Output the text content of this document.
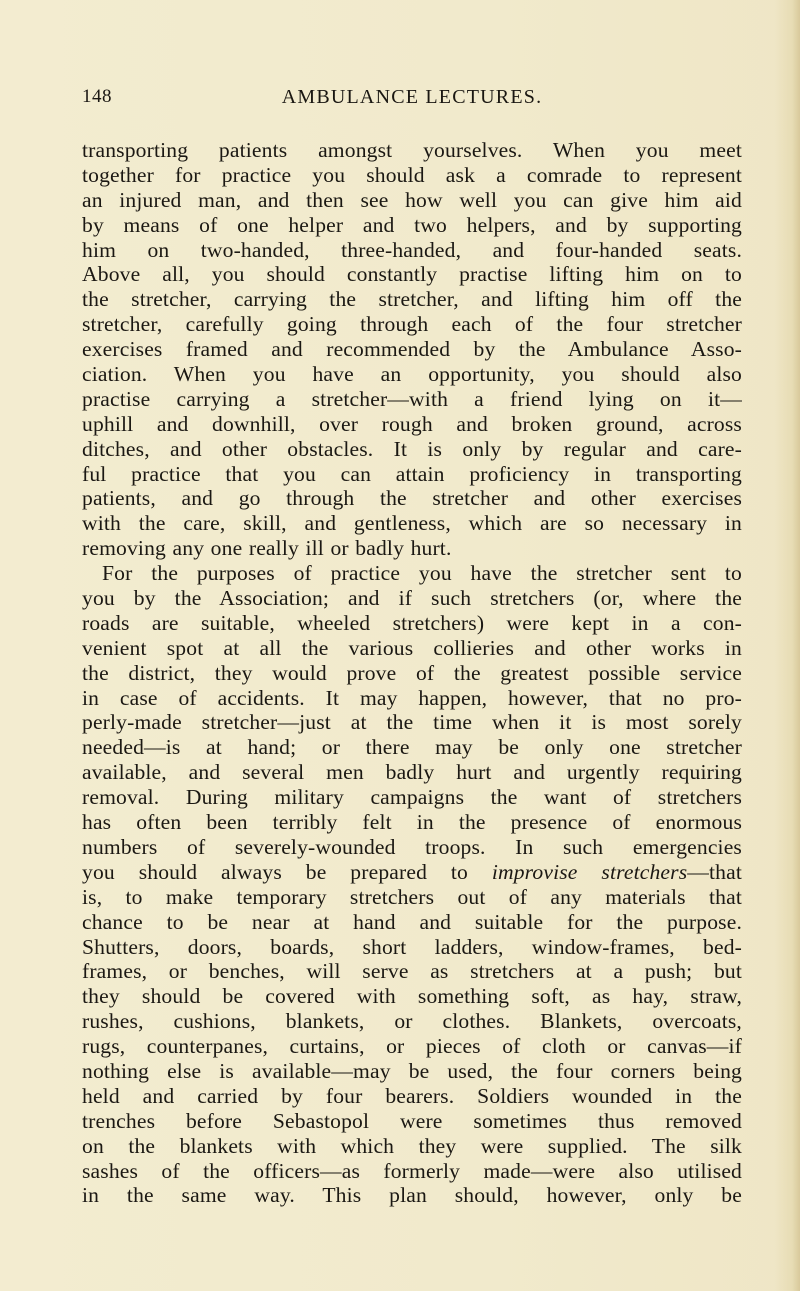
148	AMBULANCE LECTURES.
transporting patients amongst yourselves. When you meet
together for practice you should ask a comrade to represent
an injured man, and then see how well you can give him aid
by means of one helper and two helpers, and by supporting
him on two-handed, three-handed, and four-handed seats.
Above all, you should constantly practise lifting him on to
the stretcher, carrying the stretcher, and lifting him off the
stretcher, carefully going through each of the four stretcher
exercises framed and recommended by the Ambulance Asso-
ciation. When you have an opportunity, you should also
practise carrying a stretcher—with a friend lying on it—
uphill and downhill, over rough and broken ground, across
ditches, and other obstacles. It is only by regular and care-
ful practice that you can attain proficiency in transporting
patients, and go through the stretcher and other exercises
with the care, skill, and gentleness, which are so necessary in
removing any one really ill or badly hurt.
For the purposes of practice you have the stretcher sent to
you by the Association; and if such stretchers (or, where the
roads are suitable, wheeled stretchers) were kept in a con-
venient spot at all the various collieries and other works in
the district, they would prove of the greatest possible service
in case of accidents. It may happen, however, that no pro-
perly-made stretcher—just at the time when it is most sorely
needed—is at hand; or there may be only one stretcher
available, and several men badly hurt and urgently requiring
removal. During military campaigns the want of stretchers
has often been terribly felt in the presence of enormous
numbers of severely-wounded troops. In such emergencies
you should always be prepared to improvise stretchers—that
is, to make temporary stretchers out of any materials that
chance to be near at hand and suitable for the purpose.
Shutters, doors, boards, short ladders, window-frames, bed-
frames, or benches, will serve as stretchers at a push; but
they should be covered with something soft, as hay, straw,
rushes, cushions, blankets, or clothes. Blankets, overcoats,
rugs, counterpanes, curtains, or pieces of cloth or canvas—if
nothing else is available—may be used, the four corners being
held and carried by four bearers. Soldiers wounded in the
trenches before Sebastopol were sometimes thus removed
on the blankets with which they were supplied. The silk
sashes of the officers—as formerly made—were also utilised
in the same way. This plan should, however, only be
